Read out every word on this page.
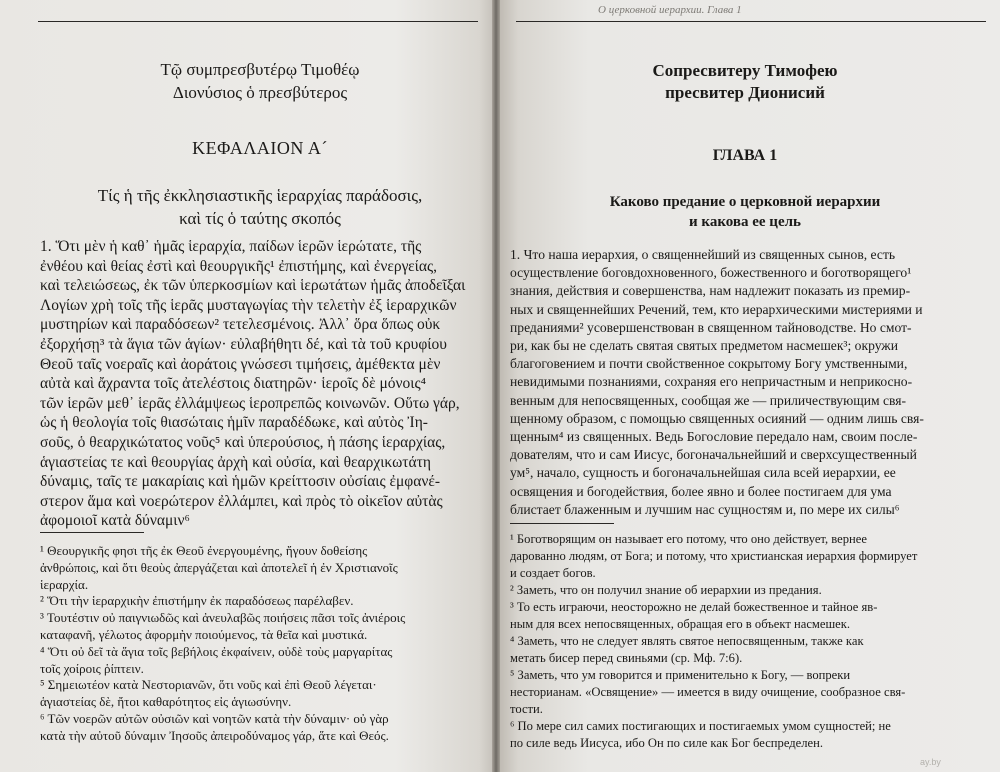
О церковной иерархии. Глава 1
Τῷ συμπρεσβυτέρῳ Τιμοθέῳ
Διονύσιος ὁ πρεσβύτερος
ΚΕΦΑΛΑΙΟΝ Α´
Τίς ἡ τῆς ἐκκλησιαστικῆς ἱεραρχίας παράδοσις,
καὶ τίς ὁ ταύτης σκοπός
1. Ὅτι μὲν ἡ καθ᾽ ἡμᾶς ἱεραρχία, παίδων ἱερῶν ἱερώτατε, τῆς
ἐνθέου καὶ θείας ἐστὶ καὶ θεουργικῆς¹ ἐπιστήμης, καὶ ἐνεργείας,
καὶ τελειώσεως, ἐκ τῶν ὑπερκοσμίων καὶ ἱερωτάτων ἡμᾶς ἀποδεῖξαι
Λογίων χρὴ τοῖς τῆς ἱερᾶς μυσταγωγίας τὴν τελετὴν ἐξ ἱεραρχικῶν
μυστηρίων καὶ παραδόσεων² τετελεσμένοις. Ἀλλ᾽ ὅρα ὅπως οὐκ
ἐξορχήσῃ³ τὰ ἅγια τῶν ἁγίων· εὐλαβήθητι δέ, καὶ τὰ τοῦ κρυφίου
Θεοῦ ταῖς νοεραῖς καὶ ἀοράτοις γνώσεσι τιμήσεις, ἀμέθεκτα μὲν
αὐτὰ καὶ ἄχραντα τοῖς ἀτελέστοις διατηρῶν· ἱεροῖς δὲ μόνοις⁴
τῶν ἱερῶν μεθ᾽ ἱερᾶς ἐλλάμψεως ἱεροπρεπῶς κοινωνῶν. Οὕτω γάρ,
ὡς ἡ θεολογία τοῖς θιασώταις ἡμῖν παραδέδωκε, καὶ αὐτὸς Ἰη-
σοῦς, ὁ θεαρχικώτατος νοῦς⁵ καὶ ὑπερούσιος, ἡ πάσης ἱεραρχίας,
ἁγιαστείας τε καὶ θεουργίας ἀρχὴ καὶ οὐσία, καὶ θεαρχικωτάτη
δύναμις, ταῖς τε μακαρίαις καὶ ἡμῶν κρείττοσιν οὐσίαις ἐμφανέ-
στερον ἅμα καὶ νοερώτερον ἐλλάμπει, καὶ πρὸς τὸ οἰκεῖον αὐτὰς
ἀφομοιοῖ κατὰ δύναμιν⁶
¹ Θεουργικῆς φησι τῆς ἐκ Θεοῦ ἐνεργουμένης, ἤγουν δοθείσης
ἀνθρώποις, καὶ ὅτι θεοὺς ἀπεργάζεται καὶ ἀποτελεῖ ἡ ἐν Χριστιανοῖς
ἱεραρχία.
² Ὅτι τὴν ἱεραρχικὴν ἐπιστήμην ἐκ παραδόσεως παρέλαβεν.
³ Τουτέστιν οὐ παιγνιωδῶς καὶ ἀνευλαβῶς ποιήσεις πᾶσι τοῖς ἀνιέροις
καταφανῆ, γέλωτος ἀφορμὴν ποιούμενος, τὰ θεῖα καὶ μυστικά.
⁴ Ὅτι οὐ δεῖ τὰ ἅγια τοῖς βεβήλοις ἐκφαίνειν, οὐδὲ τοὺς μαργαρίτας
τοῖς χοίροις ῥίπτειν.
⁵ Σημειωτέον κατὰ Νεστοριανῶν, ὅτι νοῦς καὶ ἐπὶ Θεοῦ λέγεται·
ἁγιαστείας δὲ, ἤτοι καθαρότητος εἰς ἁγιωσύνην.
⁶ Τῶν νοερῶν αὐτῶν οὐσιῶν καὶ νοητῶν κατὰ τὴν δύναμιν· οὐ γὰρ
κατὰ τὴν αὐτοῦ δύναμιν Ἰησοῦς ἀπειροδύναμος γάρ, ἅτε καὶ Θεός.
Сопресвитеру Тимофею
пресвитер Дионисий
ГЛАВА 1
Каково предание о церковной иерархии
и какова ее цель
1. Что наша иерархия, о священнейший из священных сынов, есть
осуществление боговдохновенного, божественного и боготворящего¹
знания, действия и совершенства, нам надлежит показать из премир-
ных и священнейших Речений, тем, кто иерархическими мистериями и
преданиями² усовершенствован в священном тайноводстве. Но смот-
ри, как бы не сделать святая святых предметом насмешек³; окружи
благоговением и почти свойственное сокрытому Богу умственными,
невидимыми познаниями, сохраняя его непричастным и неприкосно-
венным для непосвященных, сообщая же — приличествующим свя-
щенному образом, с помощью священных осияний — одним лишь свя-
щенным⁴ из священных. Ведь Богословие передало нам, своим после-
дователям, что и сам Иисус, богоначальнейший и сверхсущественный
ум⁵, начало, сущность и богоначальнейшая сила всей иерархии, ее
освящения и богодействия, более явно и более постигаем для ума
блистает блаженным и лучшим нас сущностям и, по мере их силы⁶
¹ Боготворящим он называет его потому, что оно действует, вернее
дарованно людям, от Бога; и потому, что христианская иерархия формирует
и создает богов.
² Заметь, что он получил знание об иерархии из предания.
³ То есть играючи, неосторожно не делай божественное и тайное яв-
ным для всех непосвященных, обращая его в объект насмешек.
⁴ Заметь, что не следует являть святое непосвященным, также как
метать бисер перед свиньями (ср. Мф. 7:6).
⁵ Заметь, что ум говорится и применительно к Богу, — вопреки
несторианам. «Освящение» — имеется в виду очищение, сообразное свя-
тости.
⁶ По мере сил самих постигающих и постигаемых умом сущностей; не
по силе ведь Иисуса, ибо Он по силе как Бог беспределен.
ay.by
